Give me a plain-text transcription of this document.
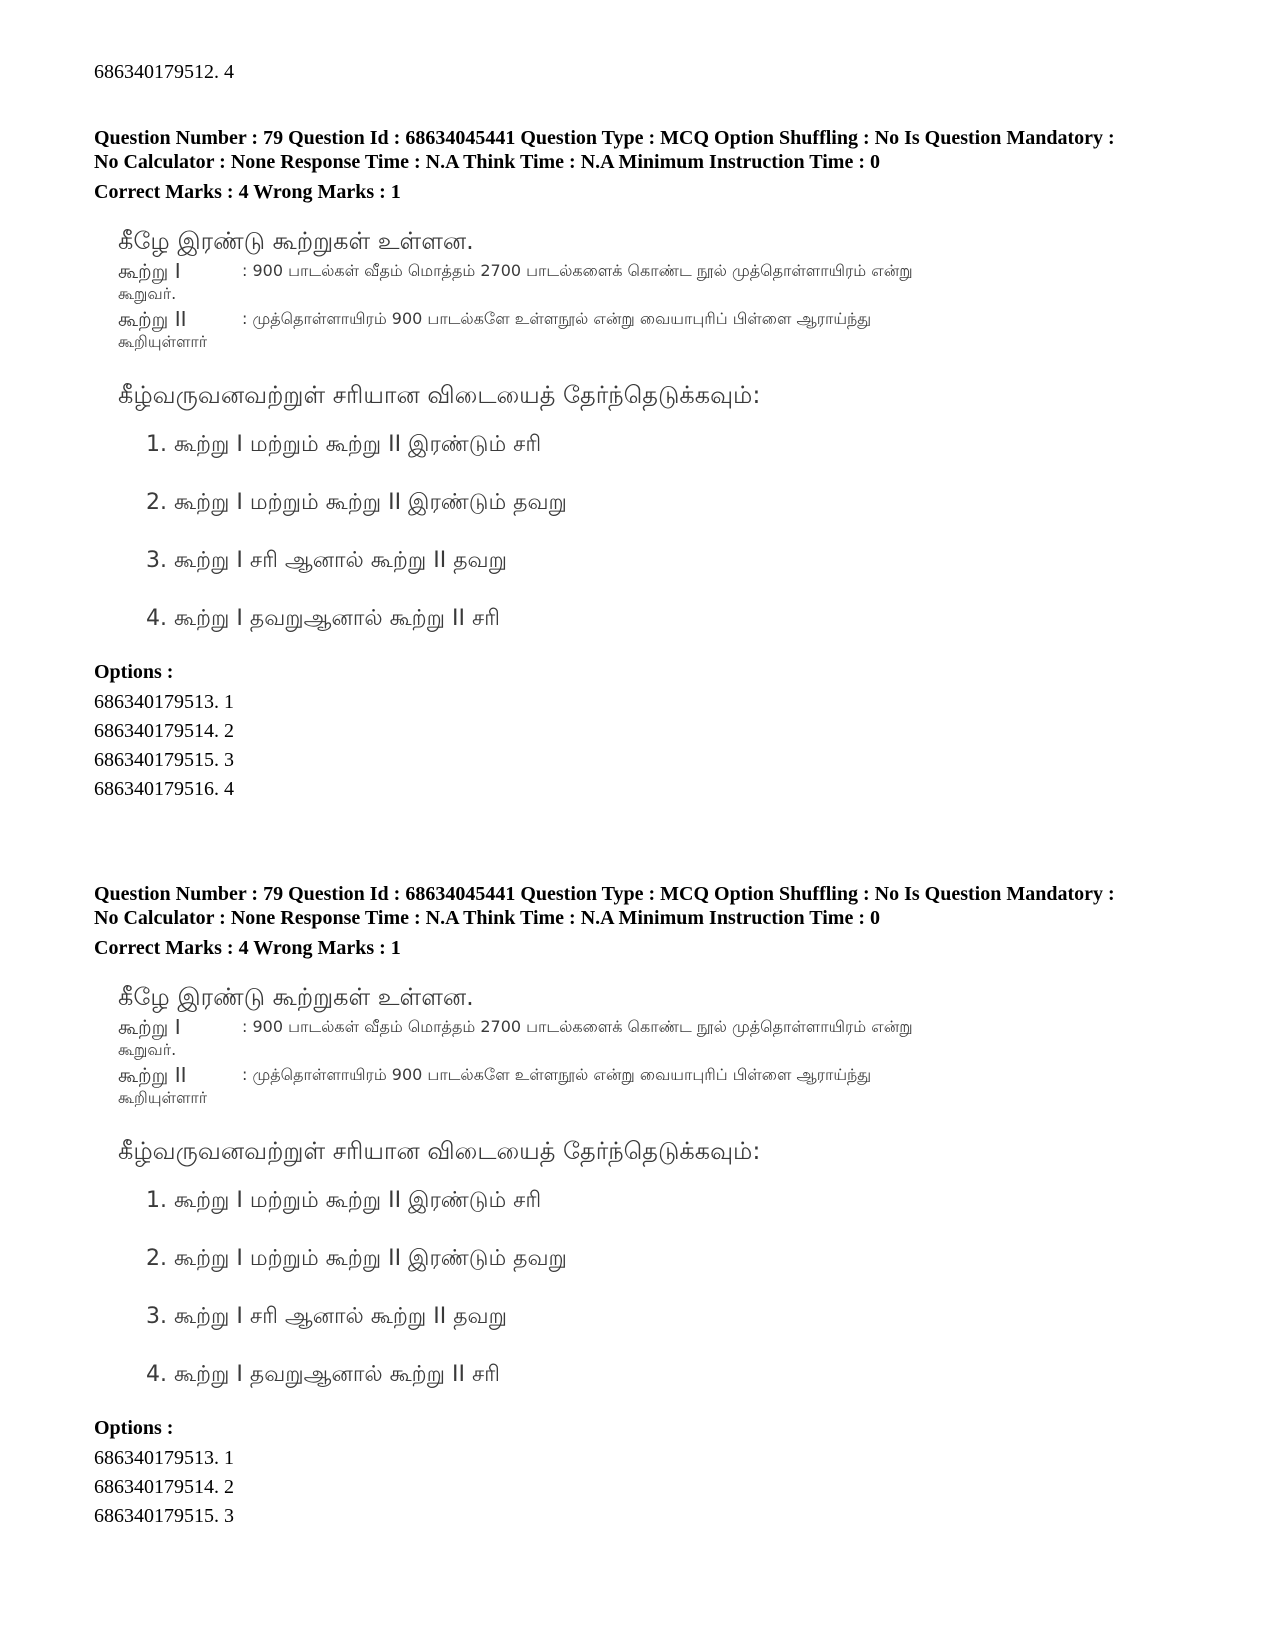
686340179512. 4

Question Number : 79 Question Id : 68634045441 Question Type : MCQ Option Shuffling : No Is Question Mandatory :

No Calculator : None Response Time : N.A Think Time : N.A Minimum Instruction Time : 0

Correct Marks : 4 Wrong Marks : 1

கீழே இரண்டு கூற்றுகள் உள்ளன.

கூற்று I	: 900 பாடல்கள் வீதம் மொத்தம் 2700 பாடல்களைக் கொண்ட நூல் முத்தொள்ளாயிரம் என்று

கூறுவர்.

கூற்று II	: முத்தொள்ளாயிரம் 900 பாடல்களே உள்ளநூல் என்று வையாபுரிப் பிள்ளை ஆராய்ந்து

கூறியுள்ளார்

கீழ்வருவனவற்றுள் சரியான விடையைத் தேர்ந்தெடுக்கவும்:
1. கூற்று I மற்றும் கூற்று II இரண்டும் சரி
2. கூற்று I மற்றும் கூற்று II இரண்டும் தவறு
3. கூற்று I சரி ஆனால் கூற்று II தவறு
4. கூற்று I தவறுஆனால் கூற்று II சரி
Options :
686340179513. 1
686340179514. 2
686340179515. 3
686340179516. 4

Question Number : 79 Question Id : 68634045441 Question Type : MCQ Option Shuffling : No Is Question Mandatory :

No Calculator : None Response Time : N.A Think Time : N.A Minimum Instruction Time : 0

Correct Marks : 4 Wrong Marks : 1

கீழே இரண்டு கூற்றுகள் உள்ளன.

கூற்று I	: 900 பாடல்கள் வீதம் மொத்தம் 2700 பாடல்களைக் கொண்ட நூல் முத்தொள்ளாயிரம் என்று

கூறுவர்.

கூற்று II	: முத்தொள்ளாயிரம் 900 பாடல்களே உள்ளநூல் என்று வையாபுரிப் பிள்ளை ஆராய்ந்து

கூறியுள்ளார்

கீழ்வருவனவற்றுள் சரியான விடையைத் தேர்ந்தெடுக்கவும்:
1. கூற்று I மற்றும் கூற்று II இரண்டும் சரி
2. கூற்று I மற்றும் கூற்று II இரண்டும் தவறு
3. கூற்று I சரி ஆனால் கூற்று II தவறு
4. கூற்று I தவறுஆனால் கூற்று II சரி
Options :
686340179513. 1
686340179514. 2
686340179515. 3
